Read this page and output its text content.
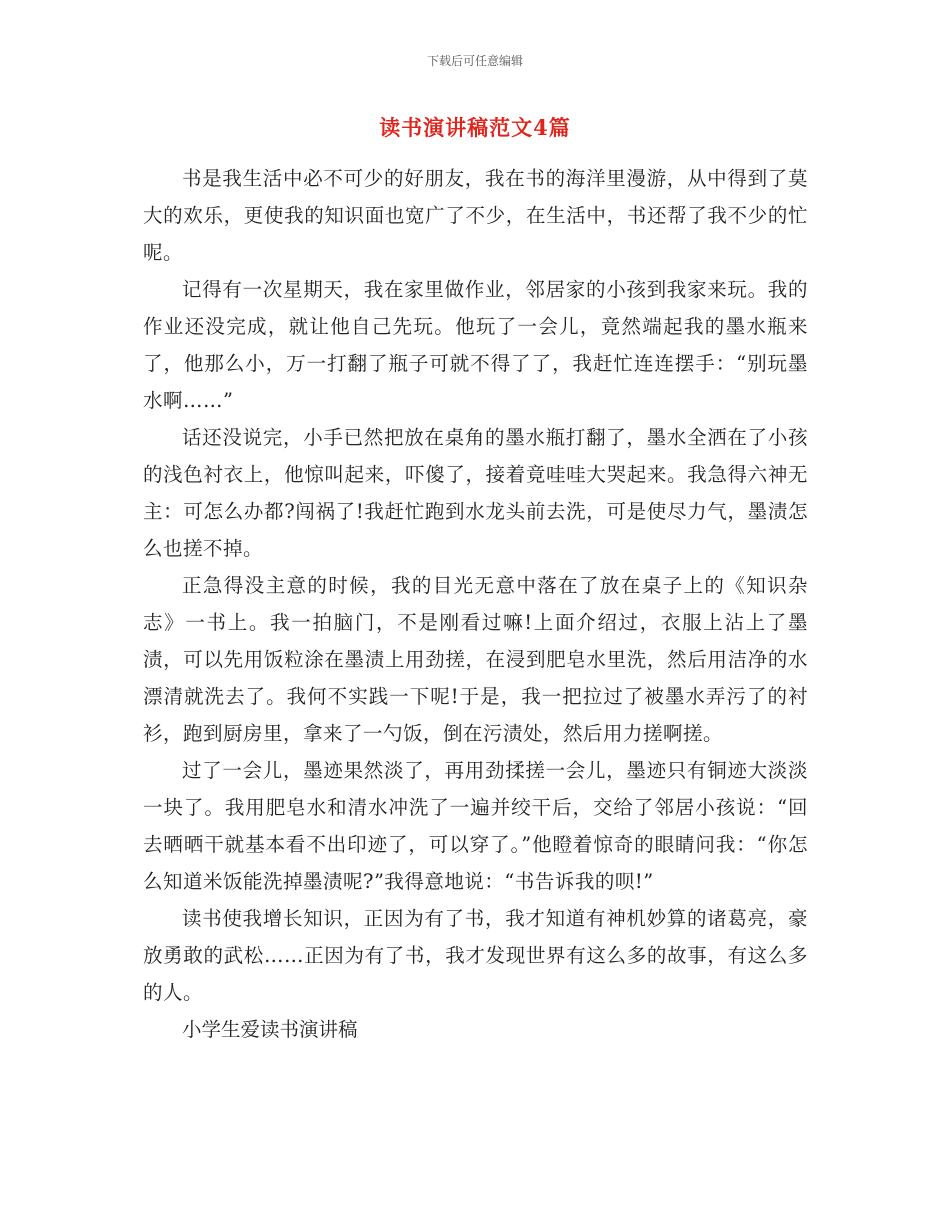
下载后可任意编辑
读书演讲稿范文4篇

书是我生活中必不可少的好朋友，我在书的海洋里漫游，从中得到了莫大的欢乐，更使我的知识面也宽广了不少，在生活中，书还帮了我不少的忙呢。

记得有一次星期天，我在家里做作业，邻居家的小孩到我家来玩。我的作业还没完成，就让他自己先玩。他玩了一会儿，竟然端起我的墨水瓶来了，他那么小，万一打翻了瓶子可就不得了了，我赶忙连连摆手：“别玩墨水啊……”

话还没说完，小手已然把放在桌角的墨水瓶打翻了，墨水全洒在了小孩的浅色衬衣上，他惊叫起来，吓傻了，接着竟哇哇大哭起来。我急得六神无主：可怎么办都?闯祸了!我赶忙跑到水龙头前去洗，可是使尽力气，墨渍怎么也搓不掉。

正急得没主意的时候，我的目光无意中落在了放在桌子上的《知识杂志》一书上。我一拍脑门，不是刚看过嘛!上面介绍过，衣服上沾上了墨渍，可以先用饭粒涂在墨渍上用劲搓，在浸到肥皂水里洗，然后用洁净的水漂清就洗去了。我何不实践一下呢!于是，我一把拉过了被墨水弄污了的衬衫，跑到厨房里，拿来了一勺饭，倒在污渍处，然后用力搓啊搓。

过了一会儿，墨迹果然淡了，再用劲揉搓一会儿，墨迹只有铜迹大淡淡一块了。我用肥皂水和清水冲洗了一遍并绞干后，交给了邻居小孩说：“回去晒晒干就基本看不出印迹了，可以穿了。”他瞪着惊奇的眼睛问我：“你怎么知道米饭能洗掉墨渍呢?”我得意地说：“书告诉我的呗!”

读书使我增长知识，正因为有了书，我才知道有神机妙算的诸葛亮，豪放勇敢的武松……正因为有了书，我才发现世界有这么多的故事，有这么多的人。

小学生爱读书演讲稿
